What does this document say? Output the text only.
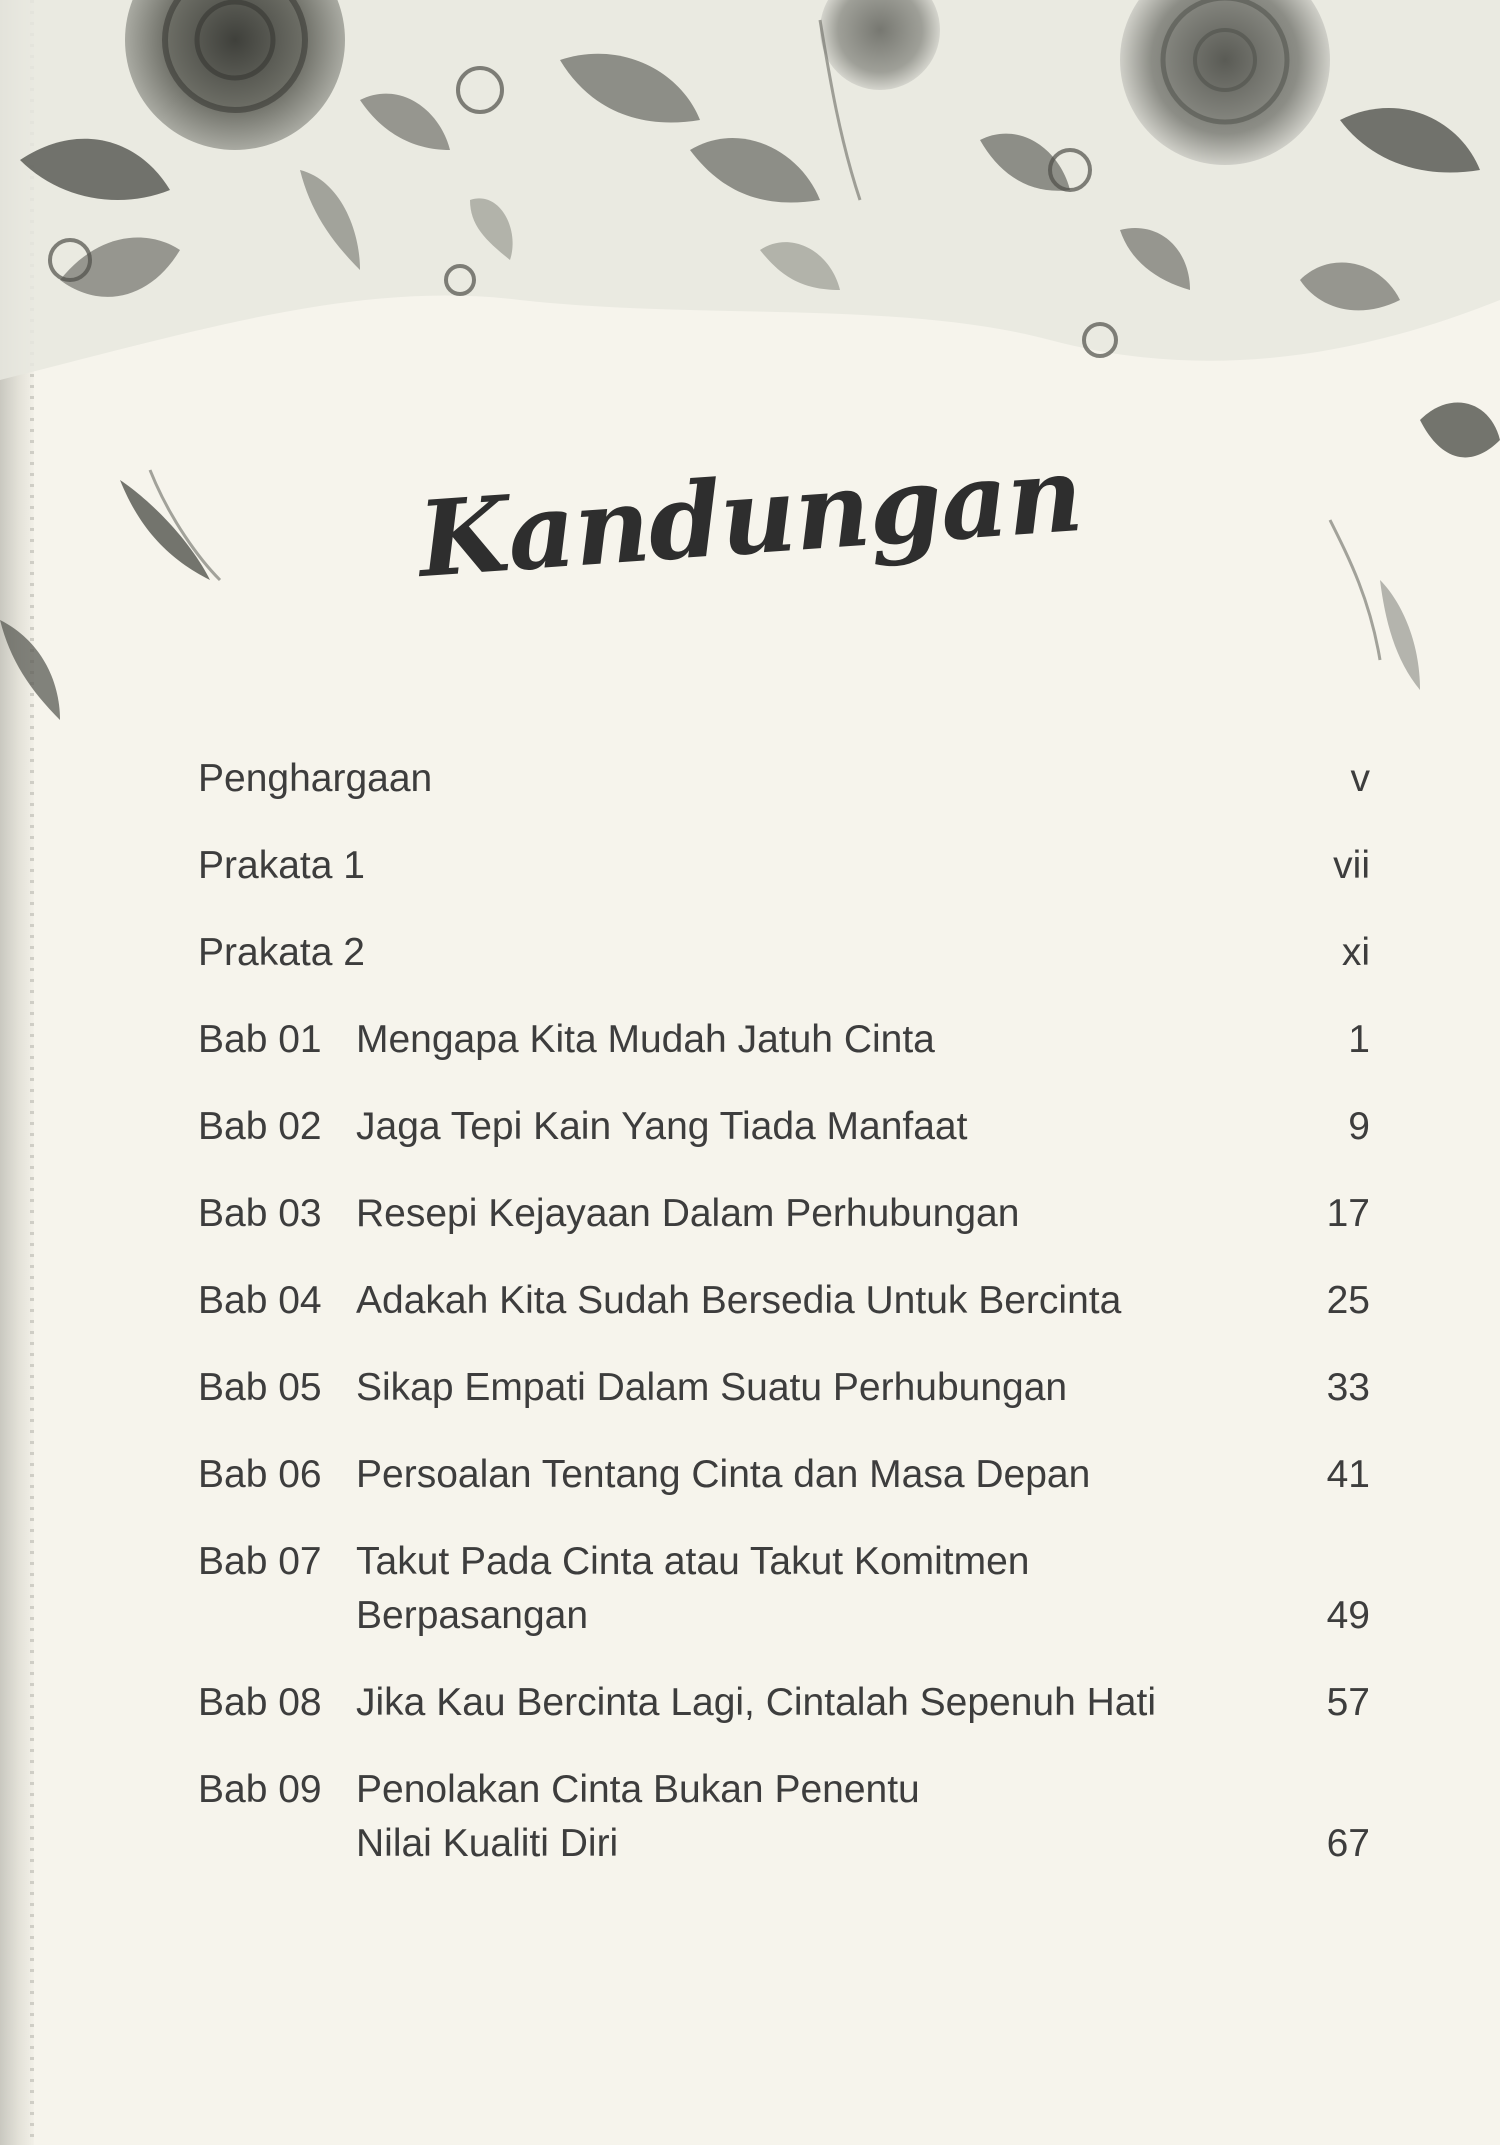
Kandungan
Penghargaan	v
Prakata 1	vii
Prakata 2	xi
Bab 01 Mengapa Kita Mudah Jatuh Cinta	1
Bab 02 Jaga Tepi Kain Yang Tiada Manfaat	9
Bab 03 Resepi Kejayaan Dalam Perhubungan	17
Bab 04 Adakah Kita Sudah Bersedia Untuk Bercinta	25
Bab 05 Sikap Empati Dalam Suatu Perhubungan	33
Bab 06 Persoalan Tentang Cinta dan Masa Depan	41
Bab 07 Takut Pada Cinta atau Takut Komitmen
Berpasangan	49
Bab 08 Jika Kau Bercinta Lagi, Cintalah Sepenuh Hati	57
Bab 09 Penolakan Cinta Bukan Penentu
Nilai Kualiti Diri	67
